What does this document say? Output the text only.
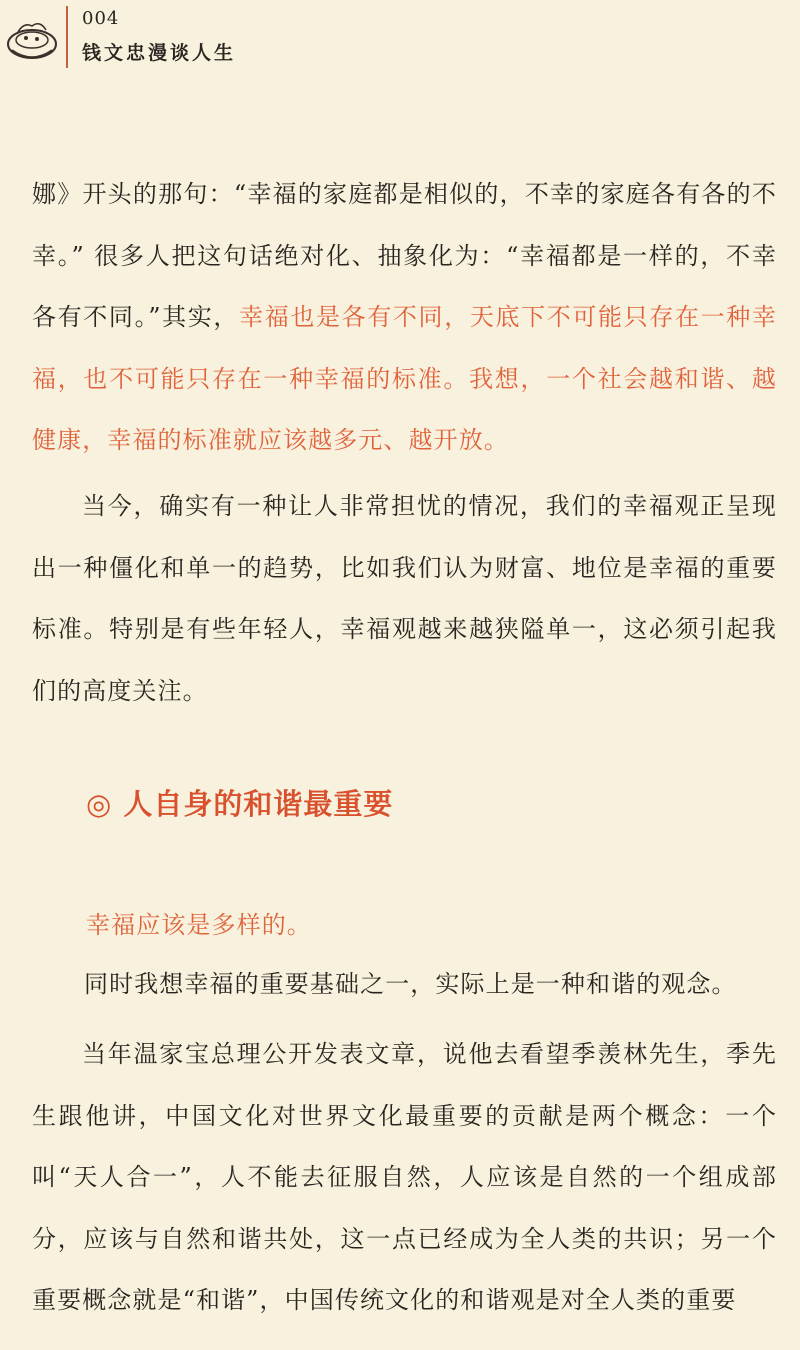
004
钱文忠漫谈人生

娜》开头的那句：“幸福的家庭都是相似的，不幸的家庭各有各的不幸。” 很多人把这句话绝对化、抽象化为：“幸福都是一样的，不幸各有不同。”其实，幸福也是各有不同，天底下不可能只存在一种幸福，也不可能只存在一种幸福的标准。我想，一个社会越和谐、越健康，幸福的标准就应该越多元、越开放。

当今，确实有一种让人非常担忧的情况，我们的幸福观正呈现出一种僵化和单一的趋势，比如我们认为财富、地位是幸福的重要标准。特别是有些年轻人，幸福观越来越狭隘单一，这必须引起我们的高度关注。

◎ 人自身的和谐最重要

幸福应该是多样的。

同时我想幸福的重要基础之一，实际上是一种和谐的观念。

当年温家宝总理公开发表文章，说他去看望季羡林先生，季先生跟他讲，中国文化对世界文化最重要的贡献是两个概念：一个叫“天人合一”，人不能去征服自然，人应该是自然的一个组成部分，应该与自然和谐共处，这一点已经成为全人类的共识；另一个重要概念就是“和谐”，中国传统文化的和谐观是对全人类的重要
